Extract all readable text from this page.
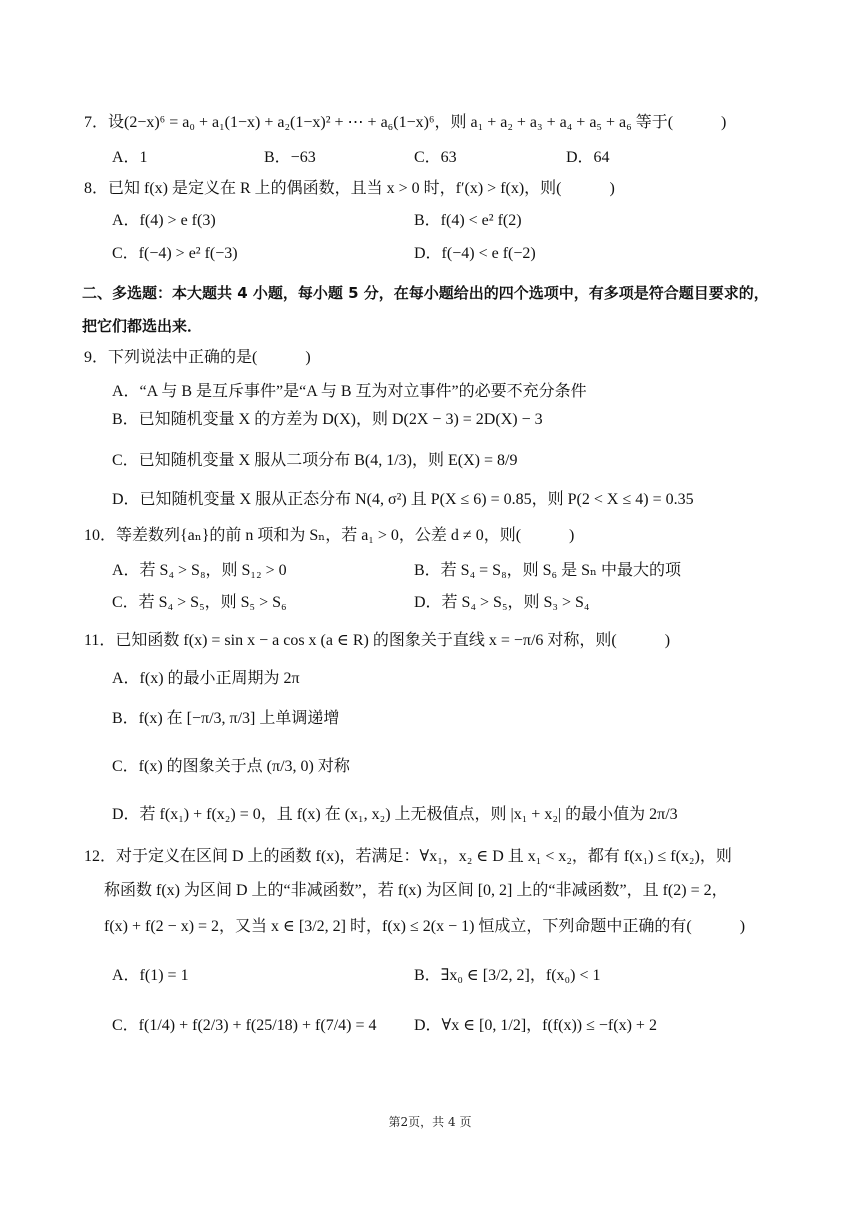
7．设(2−x)⁶ = a₀ + a₁(1−x) + a₂(1−x)² + ⋯ + a₆(1−x)⁶，则 a₁ + a₂ + a₃ + a₄ + a₅ + a₆ 等于(　　　)
A．1	B．−63	C．63	D．64
8．已知 f(x) 是定义在 R 上的偶函数，且当 x > 0 时，f′(x) > f(x)，则(　　　)
A．f(4) > e f(3)	B．f(4) < e² f(2)
C．f(−4) > e² f(−3)	D．f(−4) < e f(−2)
二、多选题：本大题共 4 小题，每小题 5 分，在每小题给出的四个选项中，有多项是符合题目要求的，
把它们都选出来．
9．下列说法中正确的是(　　　)
A．“A 与 B 是互斥事件”是“A 与 B 互为对立事件”的必要不充分条件
B．已知随机变量 X 的方差为 D(X)，则 D(2X − 3) = 2D(X) − 3
C．已知随机变量 X 服从二项分布 B(4, 1/3)，则 E(X) = 8/9
D．已知随机变量 X 服从正态分布 N(4, σ²) 且 P(X ≤ 6) = 0.85，则 P(2 < X ≤ 4) = 0.35
10．等差数列{aₙ}的前 n 项和为 Sₙ，若 a₁ > 0，公差 d ≠ 0，则(　　　)
A．若 S₄ > S₈，则 S₁₂ > 0	B．若 S₄ = S₈，则 S₆ 是 Sₙ 中最大的项
C．若 S₄ > S₅，则 S₅ > S₆	D．若 S₄ > S₅，则 S₃ > S₄
11．已知函数 f(x) = sin x − a cos x (a ∈ R) 的图象关于直线 x = −π/6 对称，则(　　　)
A．f(x) 的最小正周期为 2π
B．f(x) 在 [−π/3, π/3] 上单调递增
C．f(x) 的图象关于点 (π/3, 0) 对称
D．若 f(x₁) + f(x₂) = 0，且 f(x) 在 (x₁, x₂) 上无极值点，则 |x₁ + x₂| 的最小值为 2π/3
12．对于定义在区间 D 上的函数 f(x)，若满足：∀x₁，x₂ ∈ D 且 x₁ < x₂，都有 f(x₁) ≤ f(x₂)，则
称函数 f(x) 为区间 D 上的“非减函数”，若 f(x) 为区间 [0, 2] 上的“非减函数”，且 f(2) = 2，
f(x) + f(2 − x) = 2，又当 x ∈ [3/2, 2] 时，f(x) ≤ 2(x − 1) 恒成立，下列命题中正确的有(　　　)
A．f(1) = 1	B．∃x₀ ∈ [3/2, 2]，f(x₀) < 1
C．f(1/4) + f(2/3) + f(25/18) + f(7/4) = 4 D．∀x ∈ [0, 1/2]，f(f(x)) ≤ −f(x) + 2
第2页，共 4 页
